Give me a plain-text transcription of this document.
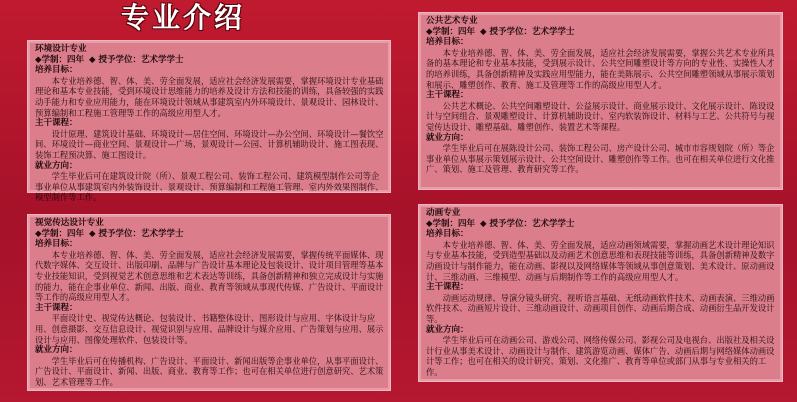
专业介绍
环境设计专业
◆学制：四年 ◆ 授予学位：艺术学学士
培养目标：
本专业培养德、智、体、美、劳全面发展，适应社会经济发展需要，掌握环境设计专业基础理论和基本专业技能，受到环境设计思维能力的培养及设计方法和技能的训练，具备较强的实践动手能力和专业应用能力，能在环境设计领域从事建筑室内外环境设计、景观设计、园林设计、预算编制和工程施工管理等工作的高级应用型人才。
主干课程：
设计原理、建筑设计基础、环境设计—居住空间、环境设计—办公空间、环境设计—餐饮空间、环境设计—商业空间、景观设计—广场、景观设计—公园、计算机辅助设计、施工图表现、装饰工程预决算、施工图设计。
就业方向：
学生毕业后可在建筑设计院（所）、景观工程公司、装饰工程公司、建筑模型制作公司等企事业单位从事建筑室内外装饰设计、景观设计、预算编制和工程施工管理、室内外效果图制作、模型制作等工作。
公共艺术专业
◆学制：四年 ◆ 授予学位：艺术学学士
培养目标：
本专业培养德、智、体、美、劳全面发展，适应社会经济发展需要，掌握公共艺术专业所具备的基本理论和专业基本技能，受到展示设计、公共空间雕塑设计等方向的专业性、实操性人才的培养训练，具备创新精神及实践应用型能力，能在美陈展示、公共空间雕塑领域从事展示策划和展示、雕塑创作、教育、施工及管理等工作的高级应用型人才。
主干课程：
公共艺术概论、公共空间雕塑设计、公益展示设计、商业展示设计、文化展示设计、陈设设计与空间组合、景观雕塑设计、计算机辅助设计、室内软装饰设计、材料与工艺、公共符号与视觉传达设计、雕塑基础、雕塑创作、装置艺术等课程。
就业方向：
学生毕业后可在展陈设计公司、装饰工程公司、房产设计公司、城市市容规划院（所）等企事业单位从事展示策划展示设计、公共空间设计、雕塑创作等工作。也可在相关单位进行文化推广、策划、施工及管理、教育研究等工作。
视觉传达设计专业
◆学制：四年 ◆ 授予学位：艺术学学士
培养目标：
本专业培养德、智、体、美、劳全面发展，适应社会经济发展需要，掌握传统平面媒体、现代数字媒体、交互设计、出版印刷、品牌与广告设计基本理论及包装设计、设计项目管理等基本专业技能知识，受到视觉艺术创意思维和艺术表达等训练，具备创新精神和独立完成设计与实施的能力，能在企事业单位、新闻、出版、商业、教育等领域从事现代传媒、广告设计、平面设计等工作的高级应用型人才。
主干课程：
平面设计史、视觉传达概论、包装设计、书籍整体设计、图形设计与应用、字体设计与应用、创意摄影、交互信息设计、视觉识别与应用、品牌设计与媒介应用、广告策划与应用、展示设计与应用、图像处理软件、包装设计等。
就业方向：
学生毕业后可在传播机构、广告设计、平面设计、新闻出版等企事业单位，从事平面设计、广告设计、平面设计、新闻、出版、商业、教育等工作；也可在相关单位进行创意研究、艺术策划、艺术管理等工作。
动画专业
◆学制：四年 ◆ 授予学位：艺术学学士
培养目标：
本专业培养德、智、体、美、劳全面发展，适应动画领域需要，掌握动画艺术设计理论知识与专业基本技能，受到造型基础以及动画艺术创意思维和表现技能等训练，具备创新精神及数字动画设计与制作能力，能在动画、影视以及网络媒体等领域从事创意策划、美术设计、原动画设计、三维动画、三维模型、动画与后期制作等工作的高级应用型人才。
主干课程：
动画运动规律、导演分镜头研究、视听语言基础、无纸动画软件技术、动画表演、三维动画软件技术、动画短片设计、三维动画设计、动画项目创作、动画后期合成、动画衍生品开发设计等。
就业方向：
学生毕业后可在动画公司、游戏公司、网络传媒公司、影视公司及电视台、出版社及相关设计行业从事美术设计、动画设计与制作、建筑游览动画、媒体广告、动画后期与网络媒体动画设计等工作；也可在相关的设计研究、策划、文化推广、教育等单位或部门从事与专业相关的工作。
